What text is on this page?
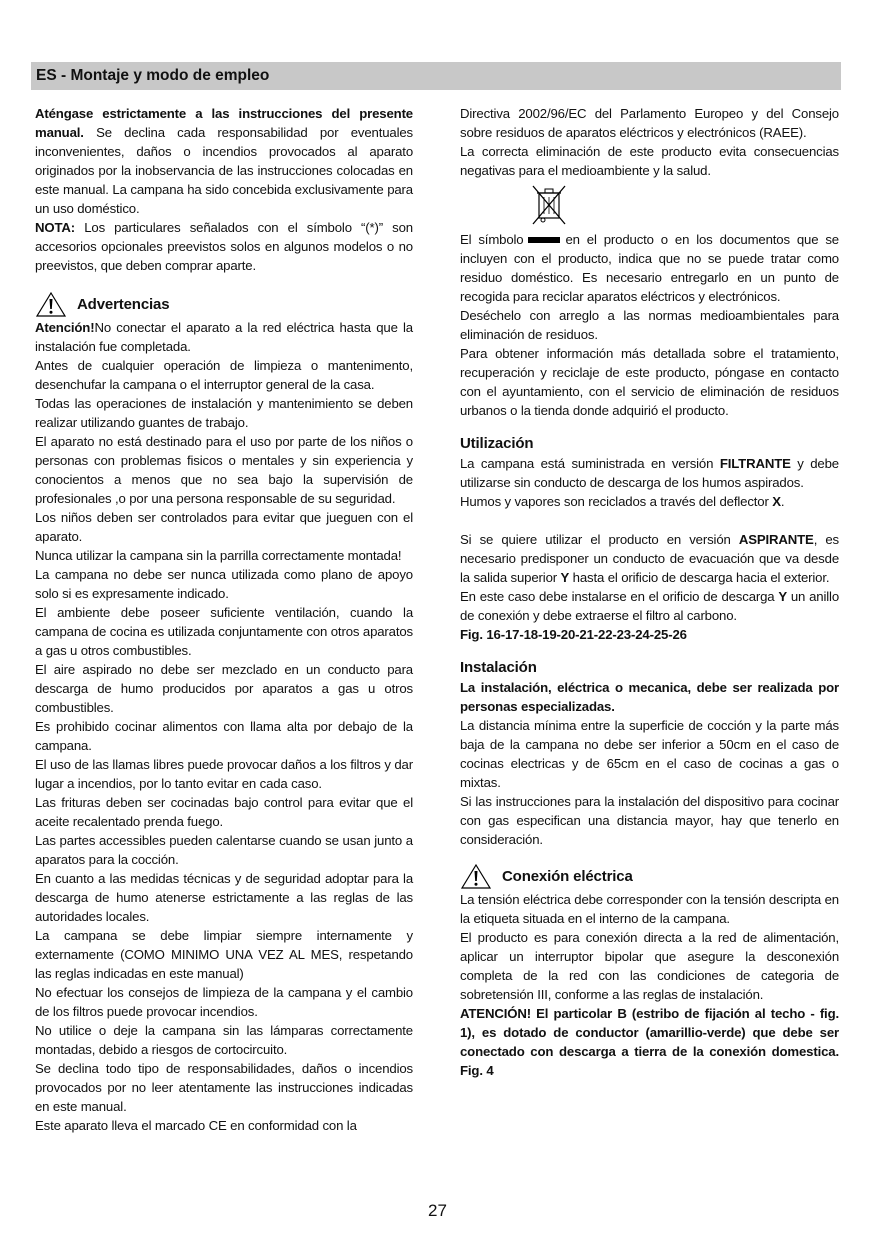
ES - Montaje y modo de empleo

Aténgase estrictamente a las instrucciones del presente manual. Se declina cada responsabilidad por eventuales inconvenientes, daños o incendios provocados al aparato originados por la inobservancia de las instrucciones colocadas en este manual. La campana ha sido concebida exclusivamente para un uso doméstico.

NOTA: Los particulares señalados con el símbolo “(*)” son accesorios opcionales preevistos solos en algunos modelos o no preevistos, que deben comprar aparte.

Advertencias

Atención!No conectar el aparato a la red eléctrica hasta que la instalación fue completada.

Antes de cualquier operación de limpieza o mantenimento, desenchufar la campana o el interruptor general de la casa.

Todas las operaciones de instalación y mantenimiento se deben realizar utilizando guantes de trabajo.

El aparato no está destinado para el uso por parte de los niños o personas con problemas fisicos o mentales y sin experiencia y conocientos a menos que no sea bajo la supervisión de profesionales ,o por una persona responsable de su seguridad.

Los niños deben ser controlados para evitar que jueguen con el aparato.

Nunca utilizar la campana sin la parrilla correctamente montada!

La campana no debe ser nunca utilizada como plano de apoyo solo si es expresamente indicado.

El ambiente debe poseer suficiente ventilación, cuando la campana de cocina es utilizada conjuntamente con otros aparatos a gas u otros combustibles.

El aire aspirado no debe ser mezclado en un conducto para descarga de humo producidos por aparatos a gas u otros combustibles.

Es prohibido cocinar alimentos con llama alta por debajo de la campana.

El uso de las llamas libres puede provocar daños a los filtros y dar lugar a incendios, por lo tanto evitar en cada caso.

Las frituras deben ser cocinadas bajo control para evitar que el aceite recalentado prenda fuego.

Las partes accessibles pueden calentarse cuando se usan junto a aparatos para la cocción.

En cuanto a las medidas técnicas y de seguridad adoptar para la descarga de humo atenerse estrictamente a las reglas de las autoridades locales.

La campana se debe limpiar siempre internamente y externamente (COMO MINIMO UNA VEZ AL MES, respetando las reglas indicadas en este manual)

No efectuar los consejos de limpieza de la campana y el cambio de los filtros puede provocar incendios.

No utilice o deje la campana sin las lámparas correctamente montadas, debido a riesgos de cortocircuito.

Se declina todo tipo de responsabilidades, daños o incendios provocados por no leer atentamente las instrucciones indicadas en este manual.

Este aparato lleva el marcado CE en conformidad con la

Directiva 2002/96/EC del Parlamento Europeo y del Consejo sobre residuos de aparatos eléctricos y electrónicos (RAEE).

La correcta eliminación de este producto evita consecuencias negativas para el medioambiente y la salud.

El símbolo	en el producto o en los documentos que se incluyen con el producto, indica que no se puede tratar como residuo doméstico. Es necesario entregarlo en un punto de recogida para reciclar aparatos eléctricos y electrónicos.

Deséchelo con arreglo a las normas medioambientales para eliminación de residuos.

Para obtener información más detallada sobre el tratamiento, recuperación y reciclaje de este producto, póngase en contacto con el ayuntamiento, con el servicio de eliminación de residuos urbanos o la tienda donde adquirió el producto.

Utilización

La campana está suministrada en versión FILTRANTE y debe utilizarse sin conducto de descarga de los humos aspirados.

Humos y vapores son reciclados a través del deflector X.

Si se quiere utilizar el producto en versión ASPIRANTE, es necesario predisponer un conducto de evacuación que va desde la salida superior Y hasta el orificio de descarga hacia el exterior.

En este caso debe instalarse en el orificio de descarga Y un anillo de conexión y debe extraerse el filtro al carbono.

Fig. 16-17-18-19-20-21-22-23-24-25-26

Instalación

La instalación, eléctrica o mecanica, debe ser realizada por personas especializadas.

La distancia mínima entre la superficie de cocción y la parte más baja de la campana no debe ser inferior a 50cm en el caso de cocinas electricas y de 65cm en el caso de cocinas a gas o mixtas.

Si las instrucciones para la instalación del dispositivo para cocinar con gas especifican una distancia mayor, hay que tenerlo en consideración.

Conexión eléctrica

La tensión eléctrica debe corresponder con la tensión descripta en la etiqueta situada en el interno de la campana.

El producto es para conexión directa a la red de alimentación, aplicar un interruptor bipolar que asegure la desconexión completa de la red con las condiciones de categoria de sobretensión III, conforme a las reglas de instalación.

ATENCIÓN! El particolar B (estribo de fijación al techo - fig. 1), es dotado de conductor (amarillio-verde) que debe ser conectado con descarga a tierra de la conexión domestica. Fig. 4

27
